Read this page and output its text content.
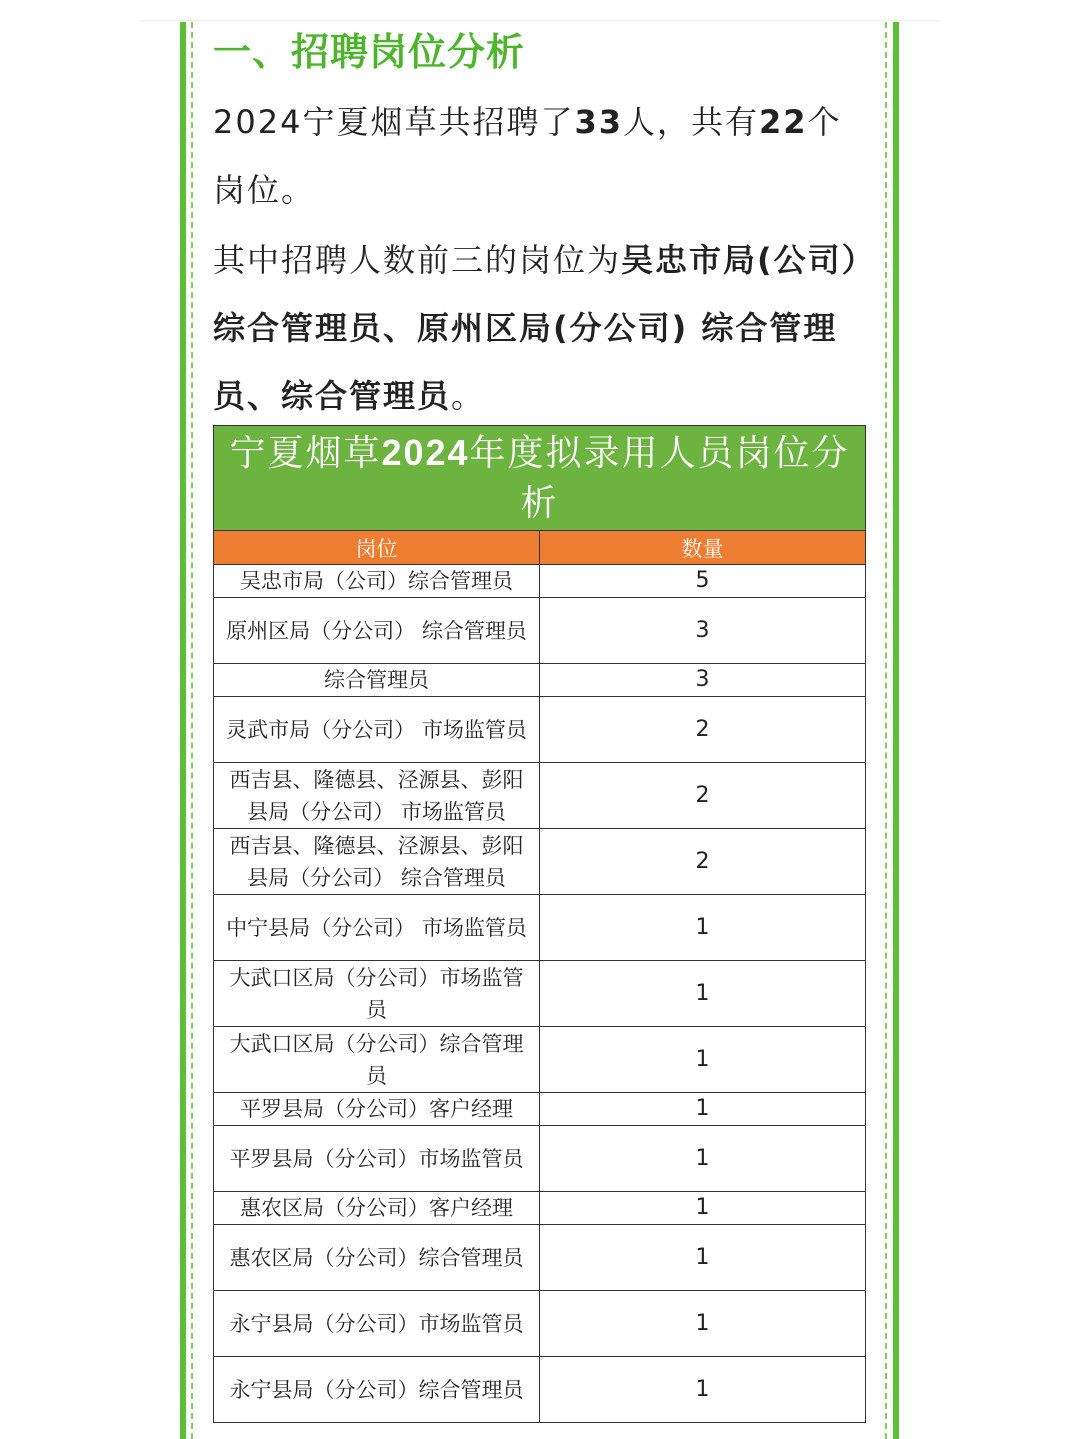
一、招聘岗位分析

2024宁夏烟草共招聘了33人，共有22个岗位。

其中招聘人数前三的岗位为吴忠市局(公司）综合管理员、原州区局(分公司) 综合管理员、综合管理员。

宁夏烟草2024年度拟录用人员岗位分析
岗位	数量
吴忠市局（公司）综合管理员	5
原州区局（分公司） 综合管理员	3
综合管理员	3
灵武市局（分公司） 市场监管员	2
西吉县、隆德县、泾源县、彭阳县局（分公司） 市场监管员	2
西吉县、隆德县、泾源县、彭阳县局（分公司） 综合管理员	2
中宁县局（分公司） 市场监管员	1
大武口区局（分公司）市场监管员	1
大武口区局（分公司）综合管理员	1
平罗县局（分公司）客户经理	1
平罗县局（分公司）市场监管员	1
惠农区局（分公司）客户经理	1
惠农区局（分公司）综合管理员	1
永宁县局（分公司）市场监管员	1
永宁县局（分公司）综合管理员	1
